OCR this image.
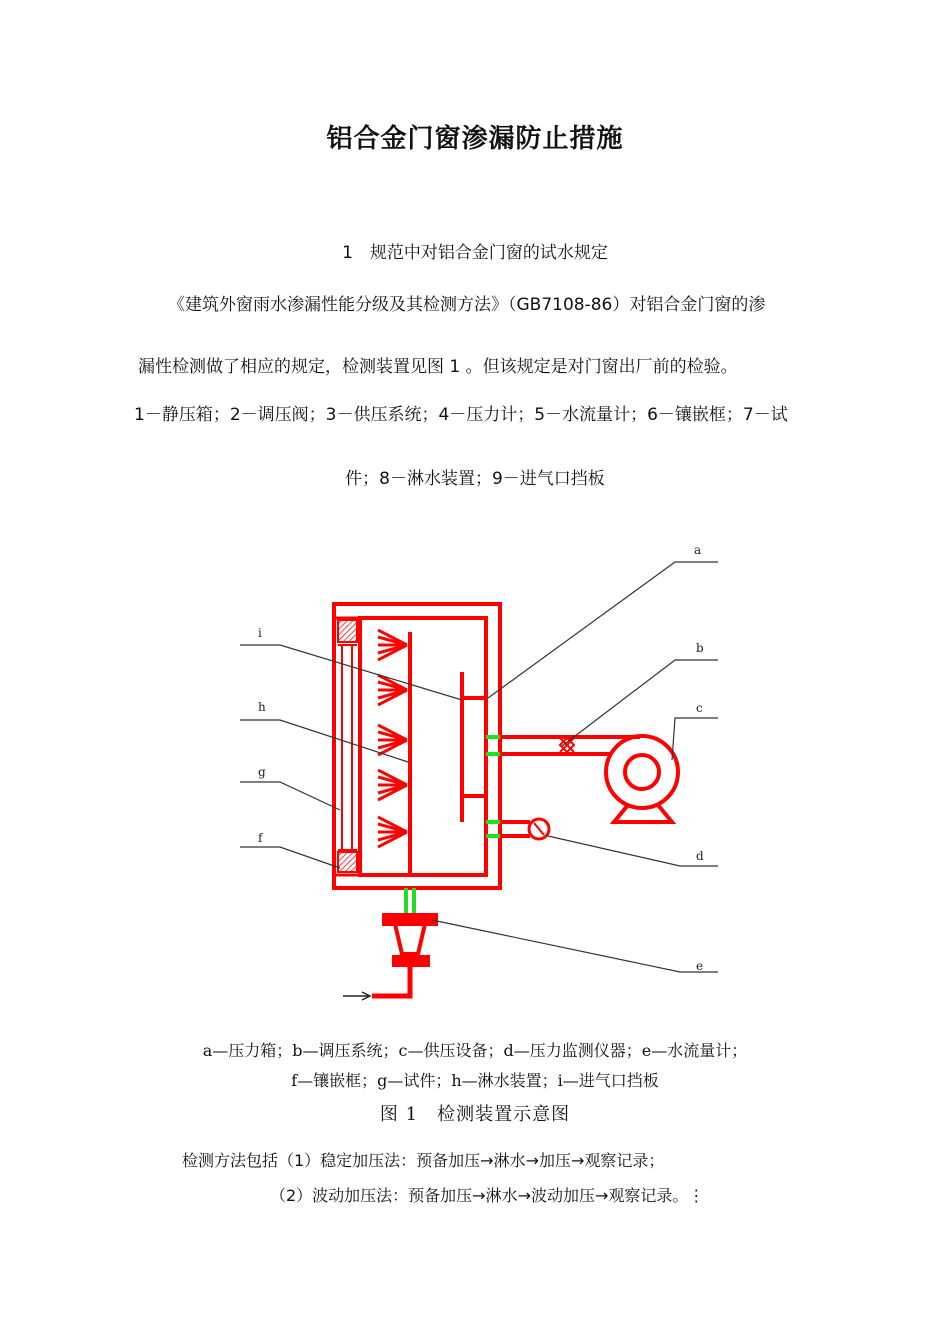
铝合金门窗渗漏防止措施
1　规范中对铝合金门窗的试水规定
《建筑外窗雨水渗漏性能分级及其检测方法》（GB7108-86）对铝合金门窗的渗
漏性检测做了相应的规定，检测装置见图 1 。但该规定是对门窗出厂前的检验。
1－静压箱；2－调压阀；3－供压系统；4－压力计；5－水流量计；6－镶嵌框；7－试
件；8－淋水装置；9－进气口挡板
a
b
c
d
e
i
h
g
f
a—压力箱；b—调压系统；c—供压设备；d—压力监测仪器；e—水流量计；
f—镶嵌框；g—试件；h—淋水装置；i—进气口挡板
图 1　检测装置示意图
检测方法包括（1）稳定加压法：预备加压→淋水→加压→观察记录；
（2）波动加压法：预备加压→淋水→波动加压→观察记录。⋮
